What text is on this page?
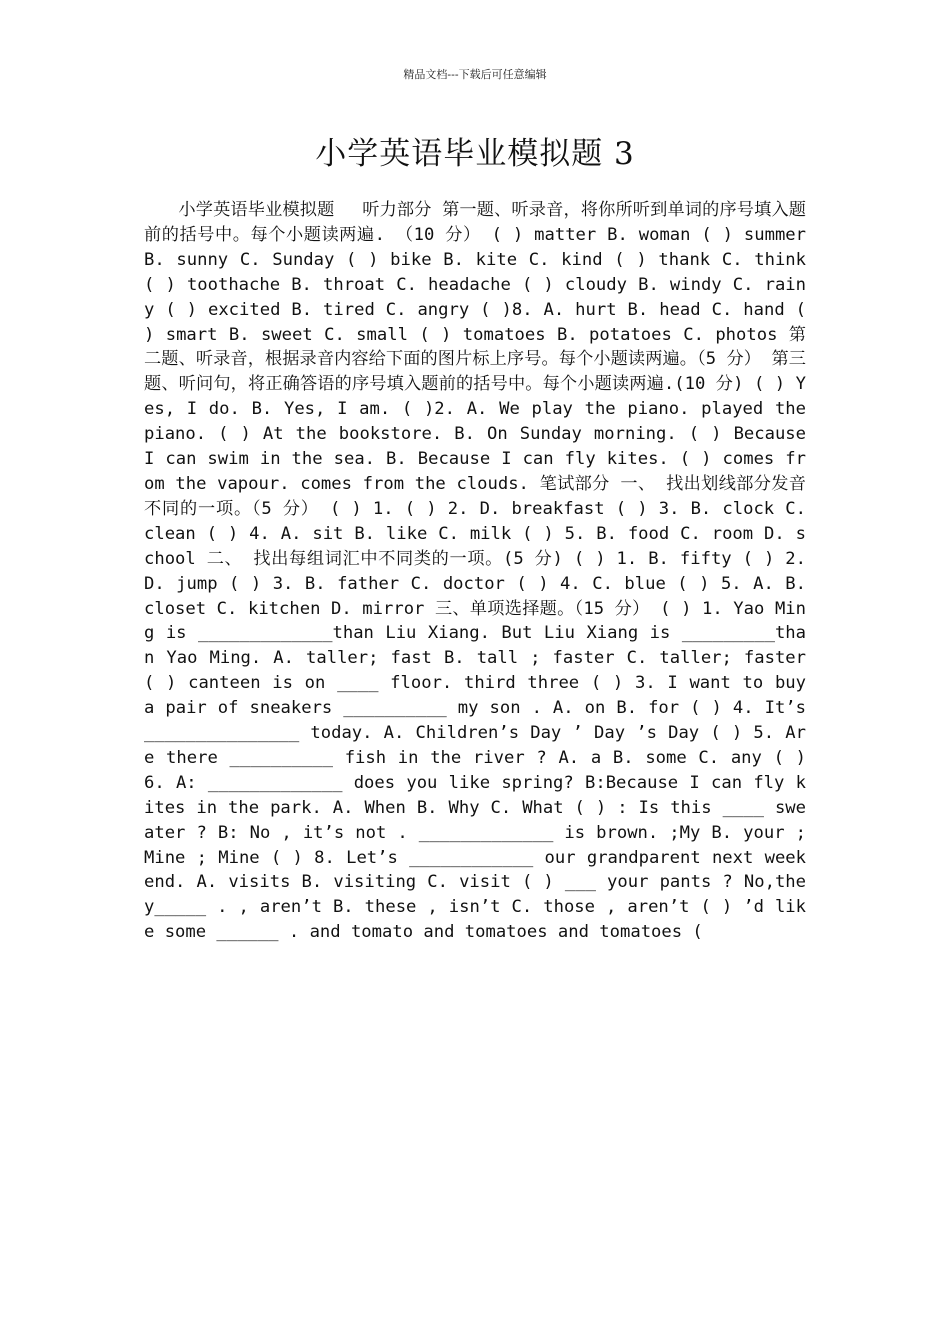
精品文档---下载后可任意编辑
小学英语毕业模拟题 3

小学英语毕业模拟题　 听力部分 第一题、听录音，将你所听到单词的序号填入题前的括号中。每个小题读两遍. （10 分） ( ) matter B. woman ( ) summer B. sunny C. Sunday ( ) bike B. kite C. kind ( ) thank C. think ( ) toothache B. throat C. headache ( ) cloudy B. windy C. rainy ( ) excited B. tired C. angry ( )8. A. hurt B. head C. hand ( ) smart B. sweet C. small ( ) tomatoes B. potatoes C. photos 第二题、听录音，根据录音内容给下面的图片标上序号。每个小题读两遍。（5 分） 第三题、听问句，将正确答语的序号填入题前的括号中。每个小题读两遍.(10 分) ( ) Yes, I do. B. Yes, I am. ( )2. A. We play the piano. played the piano. ( ) At the bookstore. B. On Sunday morning. ( ) Because I can swim in the sea. B. Because I can fly kites. ( ) comes from the vapour. comes from the clouds. 笔试部分 一、 找出划线部分发音不同的一项。（5 分） ( ) 1. ( ) 2. D. breakfast ( ) 3. B. clock C. clean ( ) 4. A. sit B. like C. milk ( ) 5. B. food C. room D. school 二、 找出每组词汇中不同类的一项。(5 分) ( ) 1. B. fifty ( ) 2. D. jump ( ) 3. B. father C. doctor ( ) 4. C. blue ( ) 5. A. B. closet C. kitchen D. mirror 三、单项选择题。（15 分） ( ) 1. Yao Ming is _____________than Liu Xiang. But Liu Xiang is _________than Yao Ming. A. taller; fast B. tall ; faster C. taller; faster ( ) canteen is on ____ floor. third three ( ) 3. I want to buy a pair of sneakers __________ my son . A. on B. for ( ) 4. It’s _______________ today. A. Children’s Day ’ Day ’s Day ( ) 5. Are there __________ fish in the river ? A. a B. some C. any ( ) 6. A: _____________ does you like spring? B:Because I can fly kites in the park. A. When B. Why C. What ( ) : Is this ____ sweater ? B: No , it’s not . _____________ is brown. ;My B. your ; Mine ; Mine ( ) 8. Let’s ____________ our grandparent next weekend. A. visits B. visiting C. visit ( ) ___ your pants ? No,they_____ . , aren’t B. these , isn’t C. those , aren’t ( ) ’d like some ______ . and tomato and tomatoes and tomatoes (
